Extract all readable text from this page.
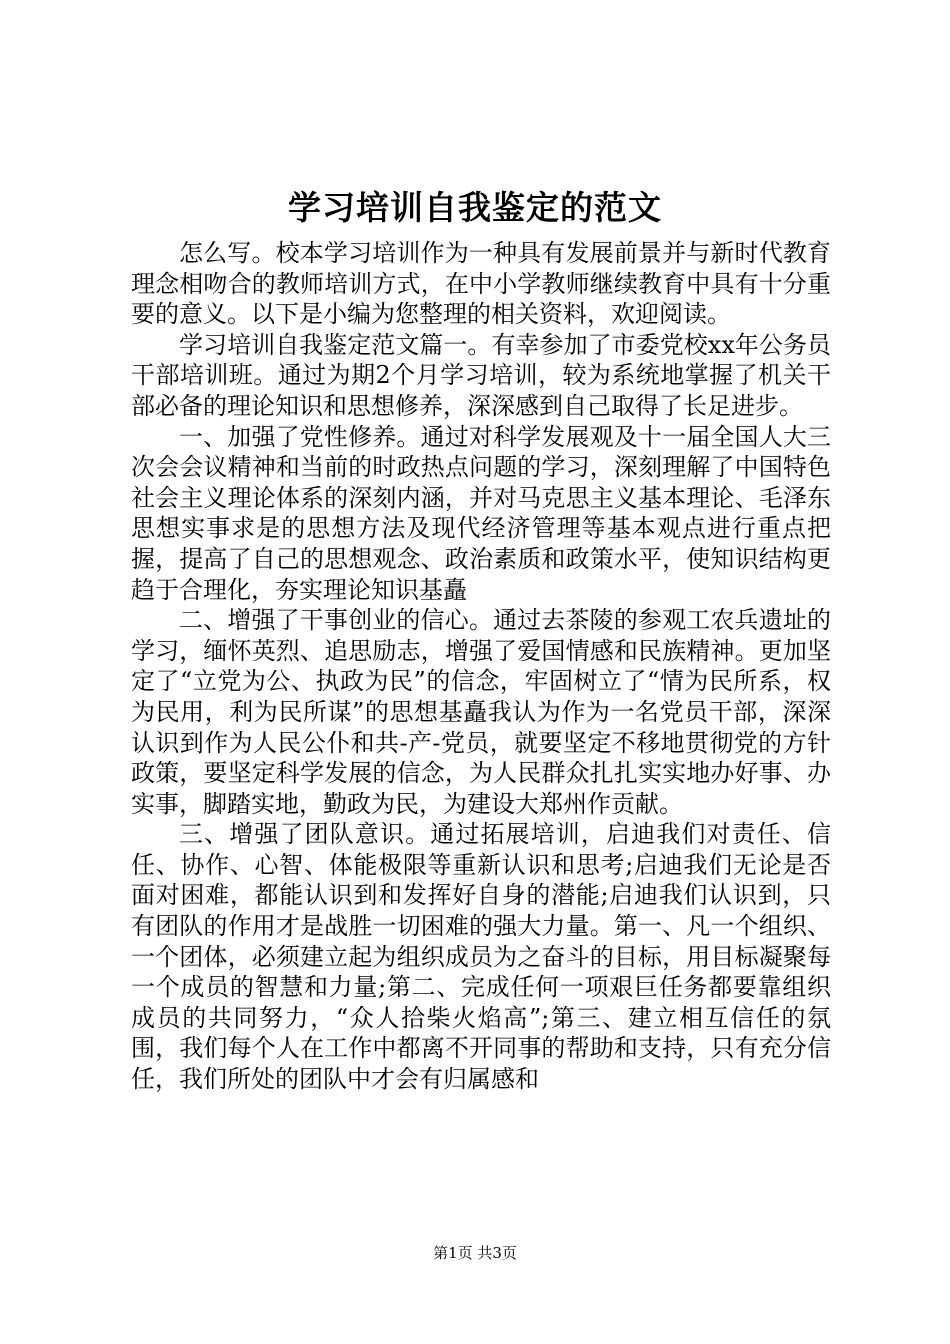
学习培训自我鉴定的范文

怎么写。校本学习培训作为一种具有发展前景并与新时代教育理念相吻合的教师培训方式，在中小学教师继续教育中具有十分重要的意义。以下是小编为您整理的相关资料，欢迎阅读。

学习培训自我鉴定范文篇一。有幸参加了市委党校xx年公务员干部培训班。通过为期2个月学习培训，较为系统地掌握了机关干部必备的理论知识和思想修养，深深感到自己取得了长足进步。

一、加强了党性修养。通过对科学发展观及十一届全国人大三次会会议精神和当前的时政热点问题的学习，深刻理解了中国特色社会主义理论体系的深刻内涵，并对马克思主义基本理论、毛泽东思想实事求是的思想方法及现代经济管理等基本观点进行重点把握，提高了自己的思想观念、政治素质和政策水平，使知识结构更趋于合理化，夯实理论知识基矗

二、增强了干事创业的信心。通过去茶陵的参观工农兵遗址的学习，缅怀英烈、追思励志，增强了爱国情感和民族精神。更加坚定了“立党为公、执政为民”的信念，牢固树立了“情为民所系，权为民用，利为民所谋”的思想基矗我认为作为一名党员干部，深深认识到作为人民公仆和共-产-党员，就要坚定不移地贯彻党的方针政策，要坚定科学发展的信念，为人民群众扎扎实实地办好事、办实事，脚踏实地，勤政为民，为建设大郑州作贡献。

三、增强了团队意识。通过拓展培训，启迪我们对责任、信任、协作、心智、体能极限等重新认识和思考;启迪我们无论是否面对困难，都能认识到和发挥好自身的潜能;启迪我们认识到，只有团队的作用才是战胜一切困难的强大力量。第一、凡一个组织、一个团体，必须建立起为组织成员为之奋斗的目标，用目标凝聚每一个成员的智慧和力量;第二、完成任何一项艰巨任务都要靠组织成员的共同努力，“众人拾柴火焰高”;第三、建立相互信任的氛围，我们每个人在工作中都离不开同事的帮助和支持，只有充分信任，我们所处的团队中才会有归属感和

第1页 共3页
